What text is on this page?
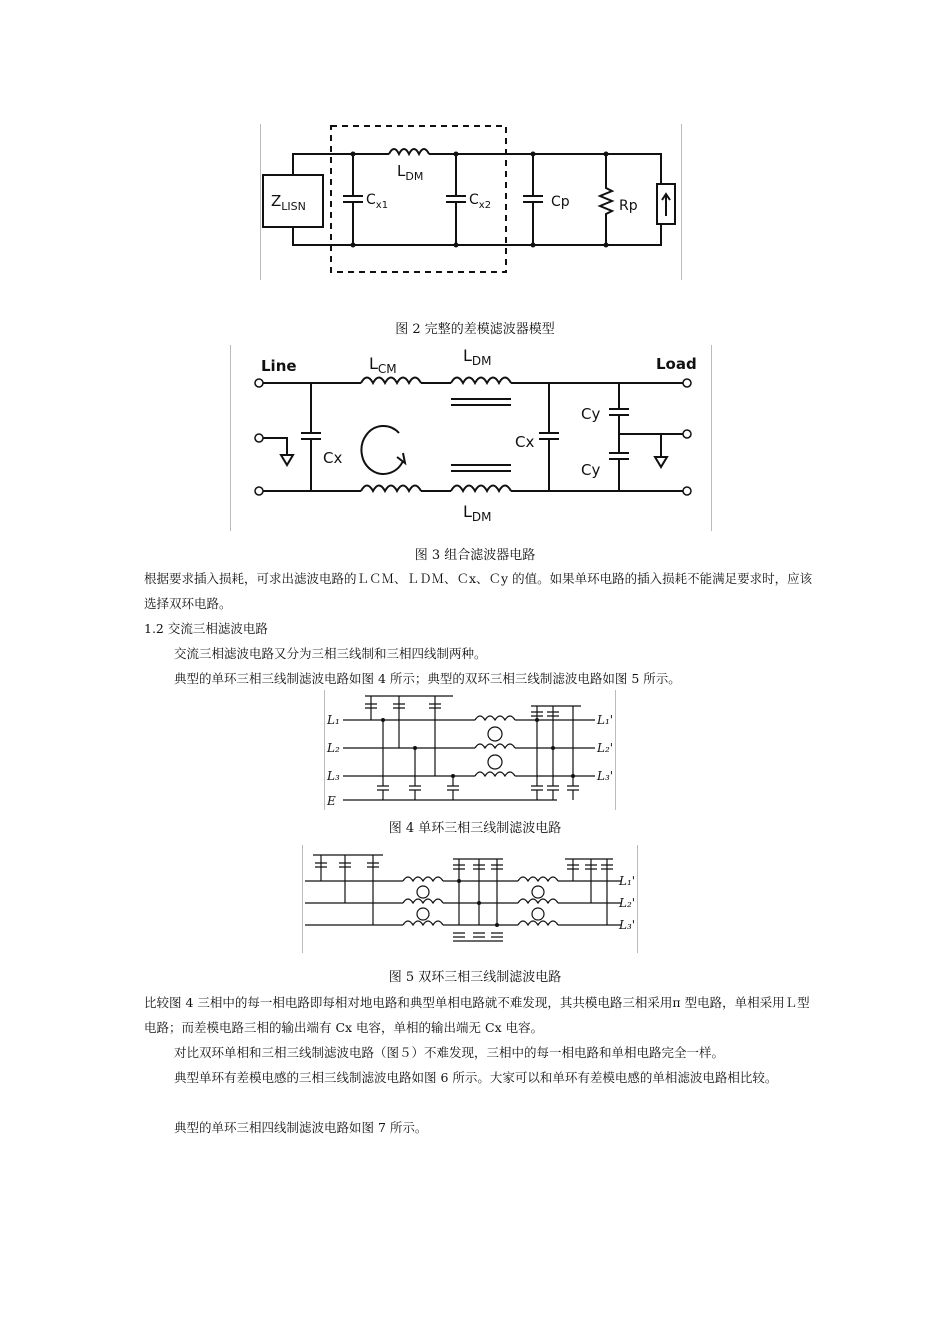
$Z_{LISN}$
$L_{DM}$
$C_{x1}$	$C_{x2}$	Cp	Rp
图 2 完整的差模滤波器模型
Line	Load
$L_{CM}$
$L_{DM}$
$L_{DM}$
Cx
Cx
Cy
Cy
图 3 组合滤波器电路
根据要求插入损耗，可求出滤波电路的ＬＣＭ、ＬＤＭ、Ｃx、Ｃy 的值。如果单环电路的插入损耗不能满足要求时，应该选择双环电路。
1.2 交流三相滤波电路
交流三相滤波电路又分为三相三线制和三相四线制两种。
典型的单环三相三线制滤波电路如图 4 所示；典型的双环三相三线制滤波电路如图 5 所示。
L₁
L₂
L₃
E
L₁'
L₂'
L₃'
图 4 单环三相三线制滤波电路
L₁'
L₂'
L₃'
图 5 双环三相三线制滤波电路
比较图 4 三相中的每一相电路即每相对地电路和典型单相电路就不难发现，其共模电路三相采用π 型电路，单相采用Ｌ型电路；而差模电路三相的输出端有 Cx 电容，单相的输出端无 Cx 电容。
对比双环单相和三相三线制滤波电路（图５）不难发现，三相中的每一相电路和单相电路完全一样。
典型单环有差模电感的三相三线制滤波电路如图 6 所示。大家可以和单环有差模电感的单相滤波电路相比较。
典型的单环三相四线制滤波电路如图 7 所示。
